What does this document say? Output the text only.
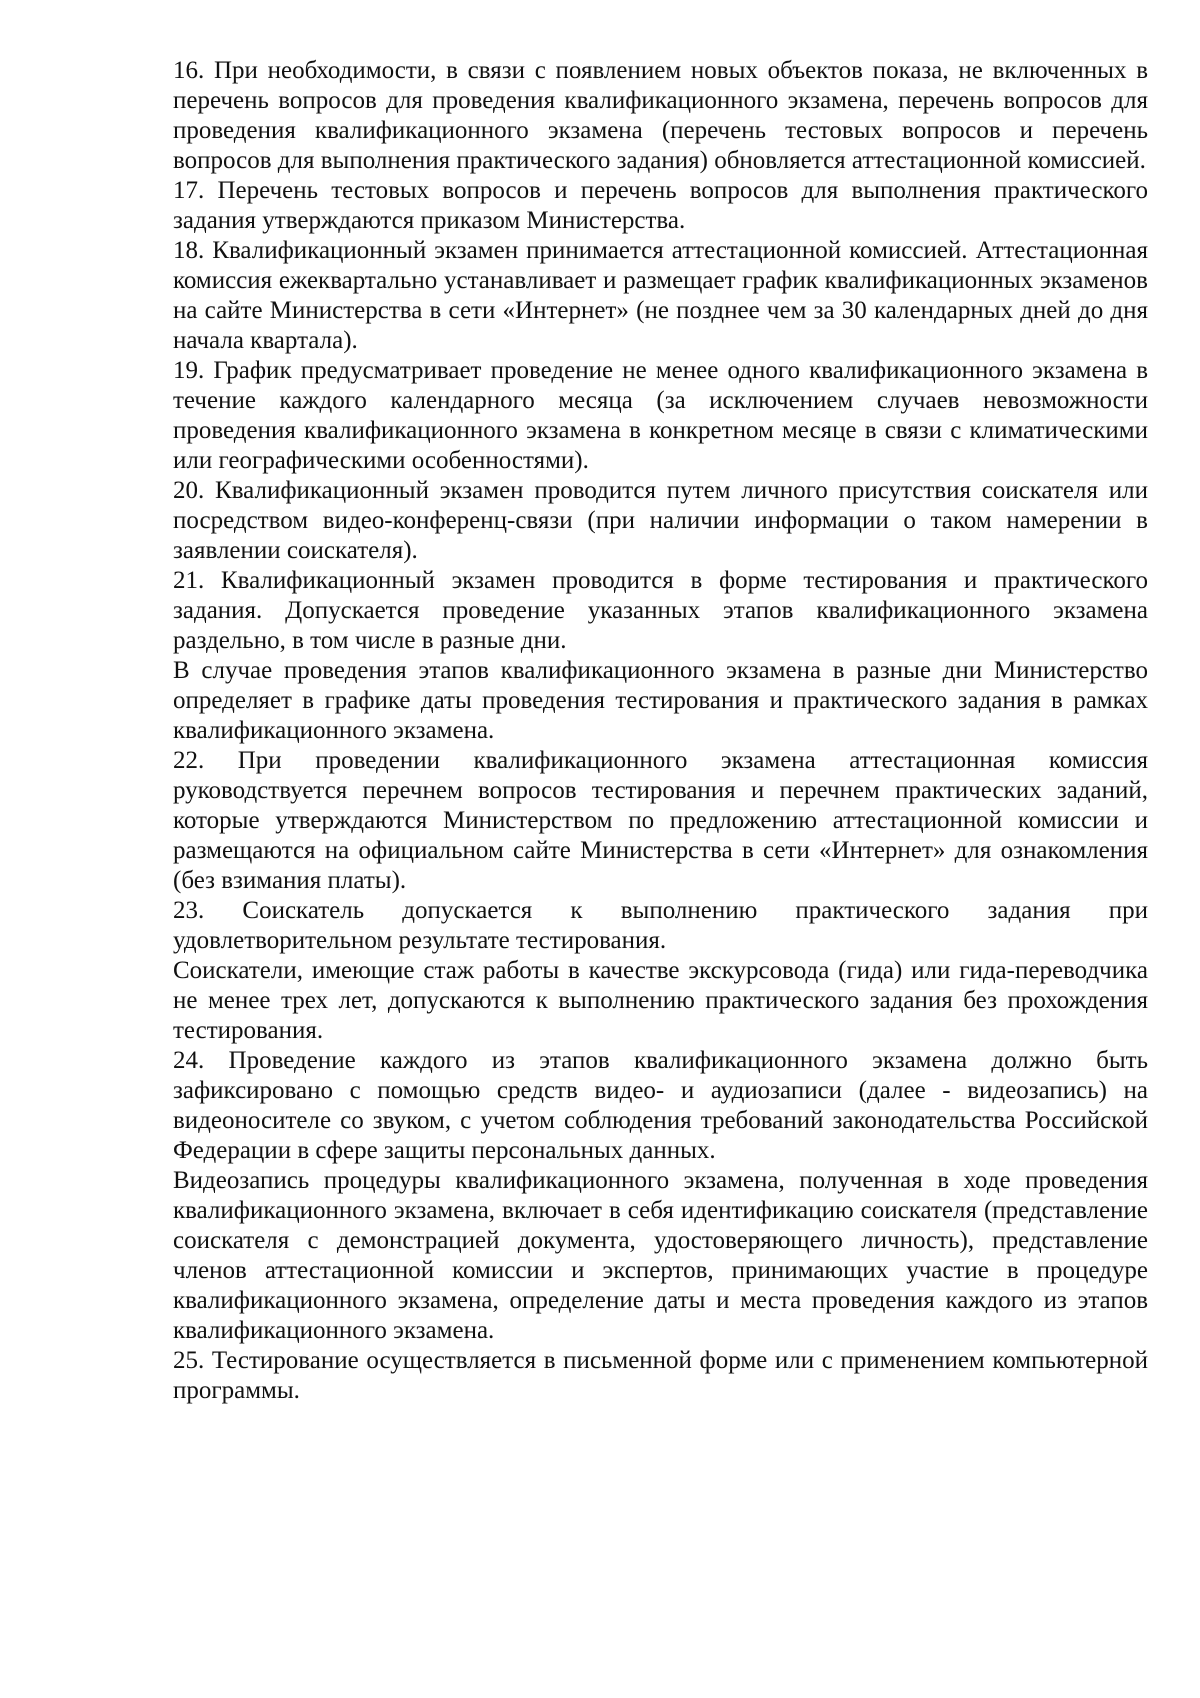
16. При необходимости, в связи с появлением новых объектов показа, не включенных в перечень вопросов для проведения квалификационного экзамена, перечень вопросов для проведения квалификационного экзамена (перечень тестовых вопросов и перечень вопросов для выполнения практического задания) обновляется аттестационной комиссией.

17. Перечень тестовых вопросов и перечень вопросов для выполнения практического задания утверждаются приказом Министерства.

18. Квалификационный экзамен принимается аттестационной комиссией. Аттестационная комиссия ежеквартально устанавливает и размещает график квалификационных экзаменов на сайте Министерства в сети «Интернет» (не позднее чем за 30 календарных дней до дня начала квартала).

19. График предусматривает проведение не менее одного квалификационного экзамена в течение каждого календарного месяца (за исключением случаев невозможности проведения квалификационного экзамена в конкретном месяце в связи с климатическими или географическими особенностями).

20. Квалификационный экзамен проводится путем личного присутствия соискателя или посредством видео-конференц-связи (при наличии информации о таком намерении в заявлении соискателя).

21. Квалификационный экзамен проводится в форме тестирования и практического задания. Допускается проведение указанных этапов квалификационного экзамена раздельно, в том числе в разные дни.

В случае проведения этапов квалификационного экзамена в разные дни Министерство определяет в графике даты проведения тестирования и практического задания в рамках квалификационного экзамена.

22. При проведении квалификационного экзамена аттестационная комиссия руководствуется перечнем вопросов тестирования и перечнем практических заданий, которые утверждаются Министерством по предложению аттестационной комиссии и размещаются на официальном сайте Министерства в сети «Интернет» для ознакомления (без взимания платы).

23. Соискатель допускается к выполнению практического задания при удовлетворительном результате тестирования.

Соискатели, имеющие стаж работы в качестве экскурсовода (гида) или гида-переводчика не менее трех лет, допускаются к выполнению практического задания без прохождения тестирования.

24. Проведение каждого из этапов квалификационного экзамена должно быть зафиксировано с помощью средств видео- и аудиозаписи (далее - видеозапись) на видеоносителе со звуком, с учетом соблюдения требований законодательства Российской Федерации в сфере защиты персональных данных.

Видеозапись процедуры квалификационного экзамена, полученная в ходе проведения квалификационного экзамена, включает в себя идентификацию соискателя (представление соискателя с демонстрацией документа, удостоверяющего личность), представление членов аттестационной комиссии и экспертов, принимающих участие в процедуре квалификационного экзамена, определение даты и места проведения каждого из этапов квалификационного экзамена.

25. Тестирование осуществляется в письменной форме или с применением компьютерной программы.
